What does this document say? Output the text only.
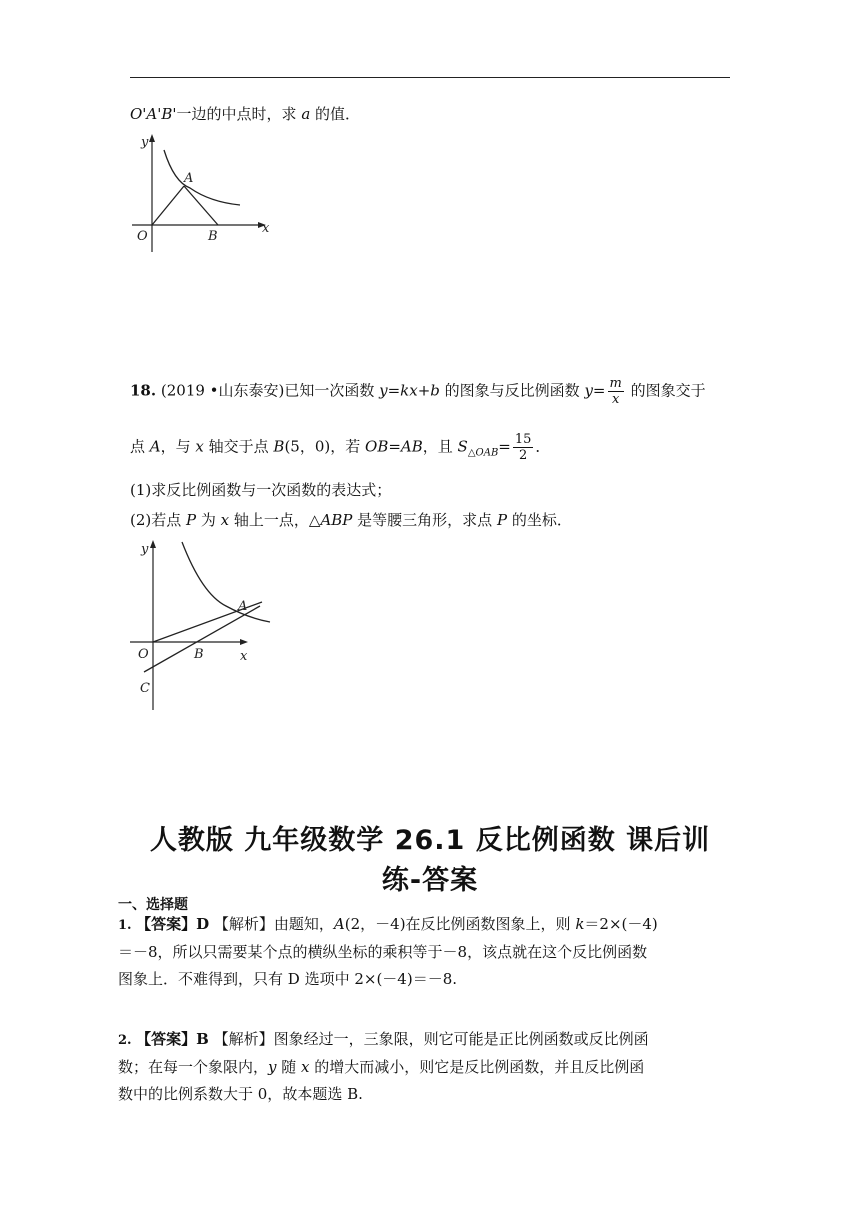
O'A'B'一边的中点时，求 a 的值．
y
x
O
A
B
18. (2019 •山东泰安)已知一次函数 y=kx+b 的图象与反比例函数 $y= \frac{m}{x}$ 的图象交于
点 A，与 x 轴交于点 B(5，0)，若 OB=AB，且 $S_{\triangle OAB}= \frac{15}{2}$ ．
(1)求反比例函数与一次函数的表达式；
(2)若点 P 为 x 轴上一点，△ABP 是等腰三角形，求点 P 的坐标．
y
x
O
A
B
C
人教版 九年级数学 26.1 反比例函数 课后训
练-答案
一、选择题
1. 【答案】D 【解析】由题知，A(2，－4)在反比例函数图象上，则 k＝2×(－4)
＝－8，所以只需要某个点的横纵坐标的乘积等于－8，该点就在这个反比例函数
图象上．不难得到，只有 D 选项中 2×(－4)＝－8.
2. 【答案】B 【解析】图象经过一，三象限，则它可能是正比例函数或反比例函
数；在每一个象限内，y 随 x 的增大而减小，则它是反比例函数，并且反比例函
数中的比例系数大于 0，故本题选 B.
